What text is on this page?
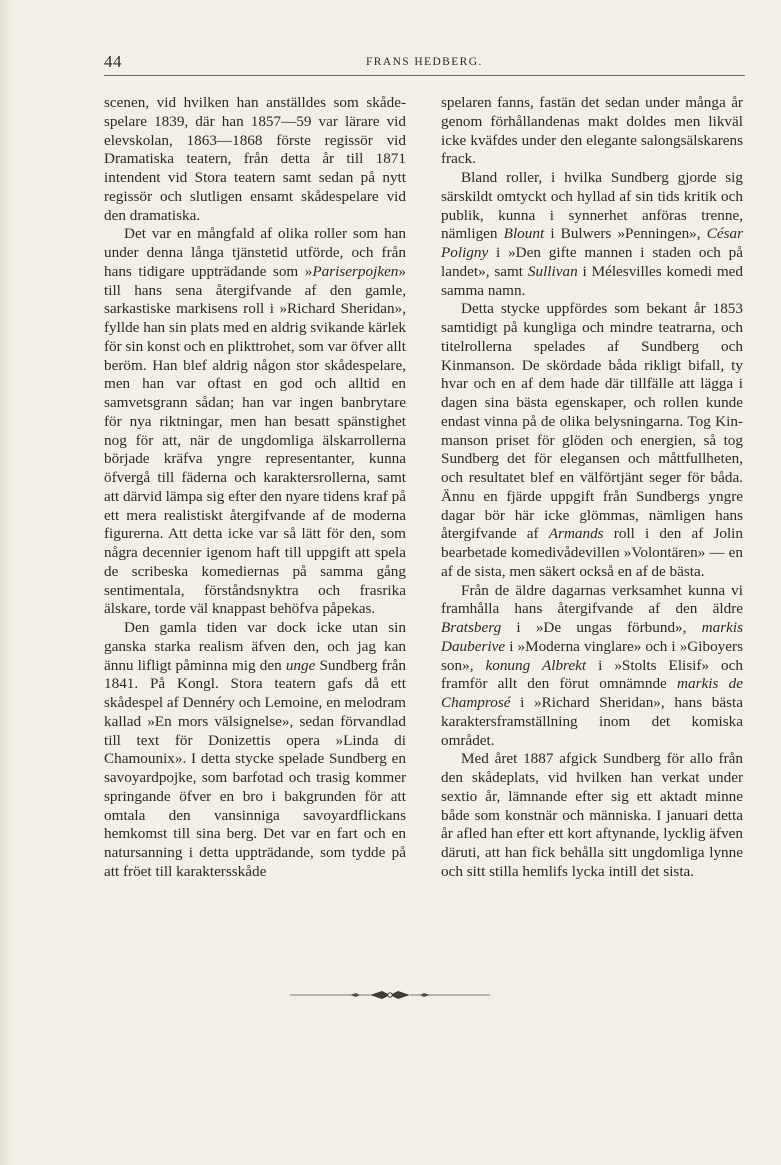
44	FRANS HEDBERG.

scenen, vid hvilken han anställdes som skådespelare 1839, där han 1857—59 var lärare vid elevskolan, 1863—1868 förste regissör vid Dramatiska teatern, från detta år till 1871 intendent vid Stora teatern samt sedan på nytt regissör och slutligen ensamt skådespelare vid den dramatiska.

Det var en mångfald af olika roller som han under denna långa tjänstetid utförde, och från hans tidigare uppträdande som »Pariserpojken» till hans sena återgifvande af den gamle, sarkastiske markisens roll i »Richard Sheridan», fyllde han sin plats med en aldrig svikande kärlek för sin konst och en plikttrohet, som var öfver allt beröm. Han blef aldrig någon stor skådespelare, men han var oftast en god och alltid en samvetsgrann sådan; han var ingen banbrytare för nya riktningar, men han besatt spänstighet nog för att, när de ungdomliga älskarrollerna började kräfva yngre representanter, kunna öfvergå till fäderna och karaktersrollerna, samt att därvid lämpa sig efter den nyare tidens kraf på ett mera realistiskt återgifvande af de moderna figurerna. Att detta icke var så lätt för den, som några decennier igenom haft till uppgift att spela de scribeska komediernas på samma gång sentimentala, förståndsnyktra och frasrika älskare, torde väl knappast behöfva påpekas.

Den gamla tiden var dock icke utan sin ganska starka realism äfven den, och jag kan ännu lifligt påminna mig den unge Sundberg från 1841. På Kongl. Stora teatern gafs då ett skådespel af Dennéry och Lemoine, en melodram kallad »En mors välsignelse», sedan förvandlad till text för Donizettis opera »Linda di Chamounix». I detta stycke spelade Sundberg en savoyardpojke, som barfotad och trasig kommer springande öfver en bro i bakgrunden för att omtala den vansinniga savoyardflickans hemkomst till sina berg. Det var en fart och en natursanning i detta uppträdande, som tydde på att fröet till karaktersskåde

spelaren fanns, fastän det sedan under många år genom förhållandenas makt doldes men likväl icke kväfdes under den elegante salongsälskarens frack.

Bland roller, i hvilka Sundberg gjorde sig särskildt omtyckt och hyllad af sin tids kritik och publik, kunna i synnerhet anföras trenne, nämligen Blount i Bulwers »Penningen», César Poligny i »Den gifte mannen i staden och på landet», samt Sullivan i Mélesvilles komedi med samma namn.

Detta stycke uppfördes som bekant år 1853 samtidigt på kungliga och mindre teatrarna, och titelrollerna spelades af Sundberg och Kinmanson. De skördade båda rikligt bifall, ty hvar och en af dem hade där tillfälle att lägga i dagen sina bästa egenskaper, och rollen kunde endast vinna på de olika belysningarna. Tog Kinmanson priset för glöden och energien, så tog Sundberg det för elegansen och måttfullheten, och resultatet blef en välförtjänt seger för båda. Ännu en fjärde uppgift från Sundbergs yngre dagar bör här icke glömmas, nämligen hans återgifvande af Armands roll i den af Jolin bearbetade komedivådevillen »Volontären» — en af de sista, men säkert också en af de bästa.

Från de äldre dagarnas verksamhet kunna vi framhålla hans återgifvande af den äldre Bratsberg i »De ungas förbund», markis Dauberive i »Moderna vinglare» och i »Giboyers son», konung Albrekt i »Stolts Elisif» och framför allt den förut omnämnde markis de Champrosé i »Richard Sheridan», hans bästa karaktersframställning inom det komiska området.

Med året 1887 afgick Sundberg för allo från den skådeplats, vid hvilken han verkat under sextio år, lämnande efter sig ett aktadt minne både som konstnär och människa. I januari detta år afled han efter ett kort aftynande, lycklig äfven däruti, att han fick behålla sitt ungdomliga lynne och sitt stilla hemlifs lycka intill det sista.
